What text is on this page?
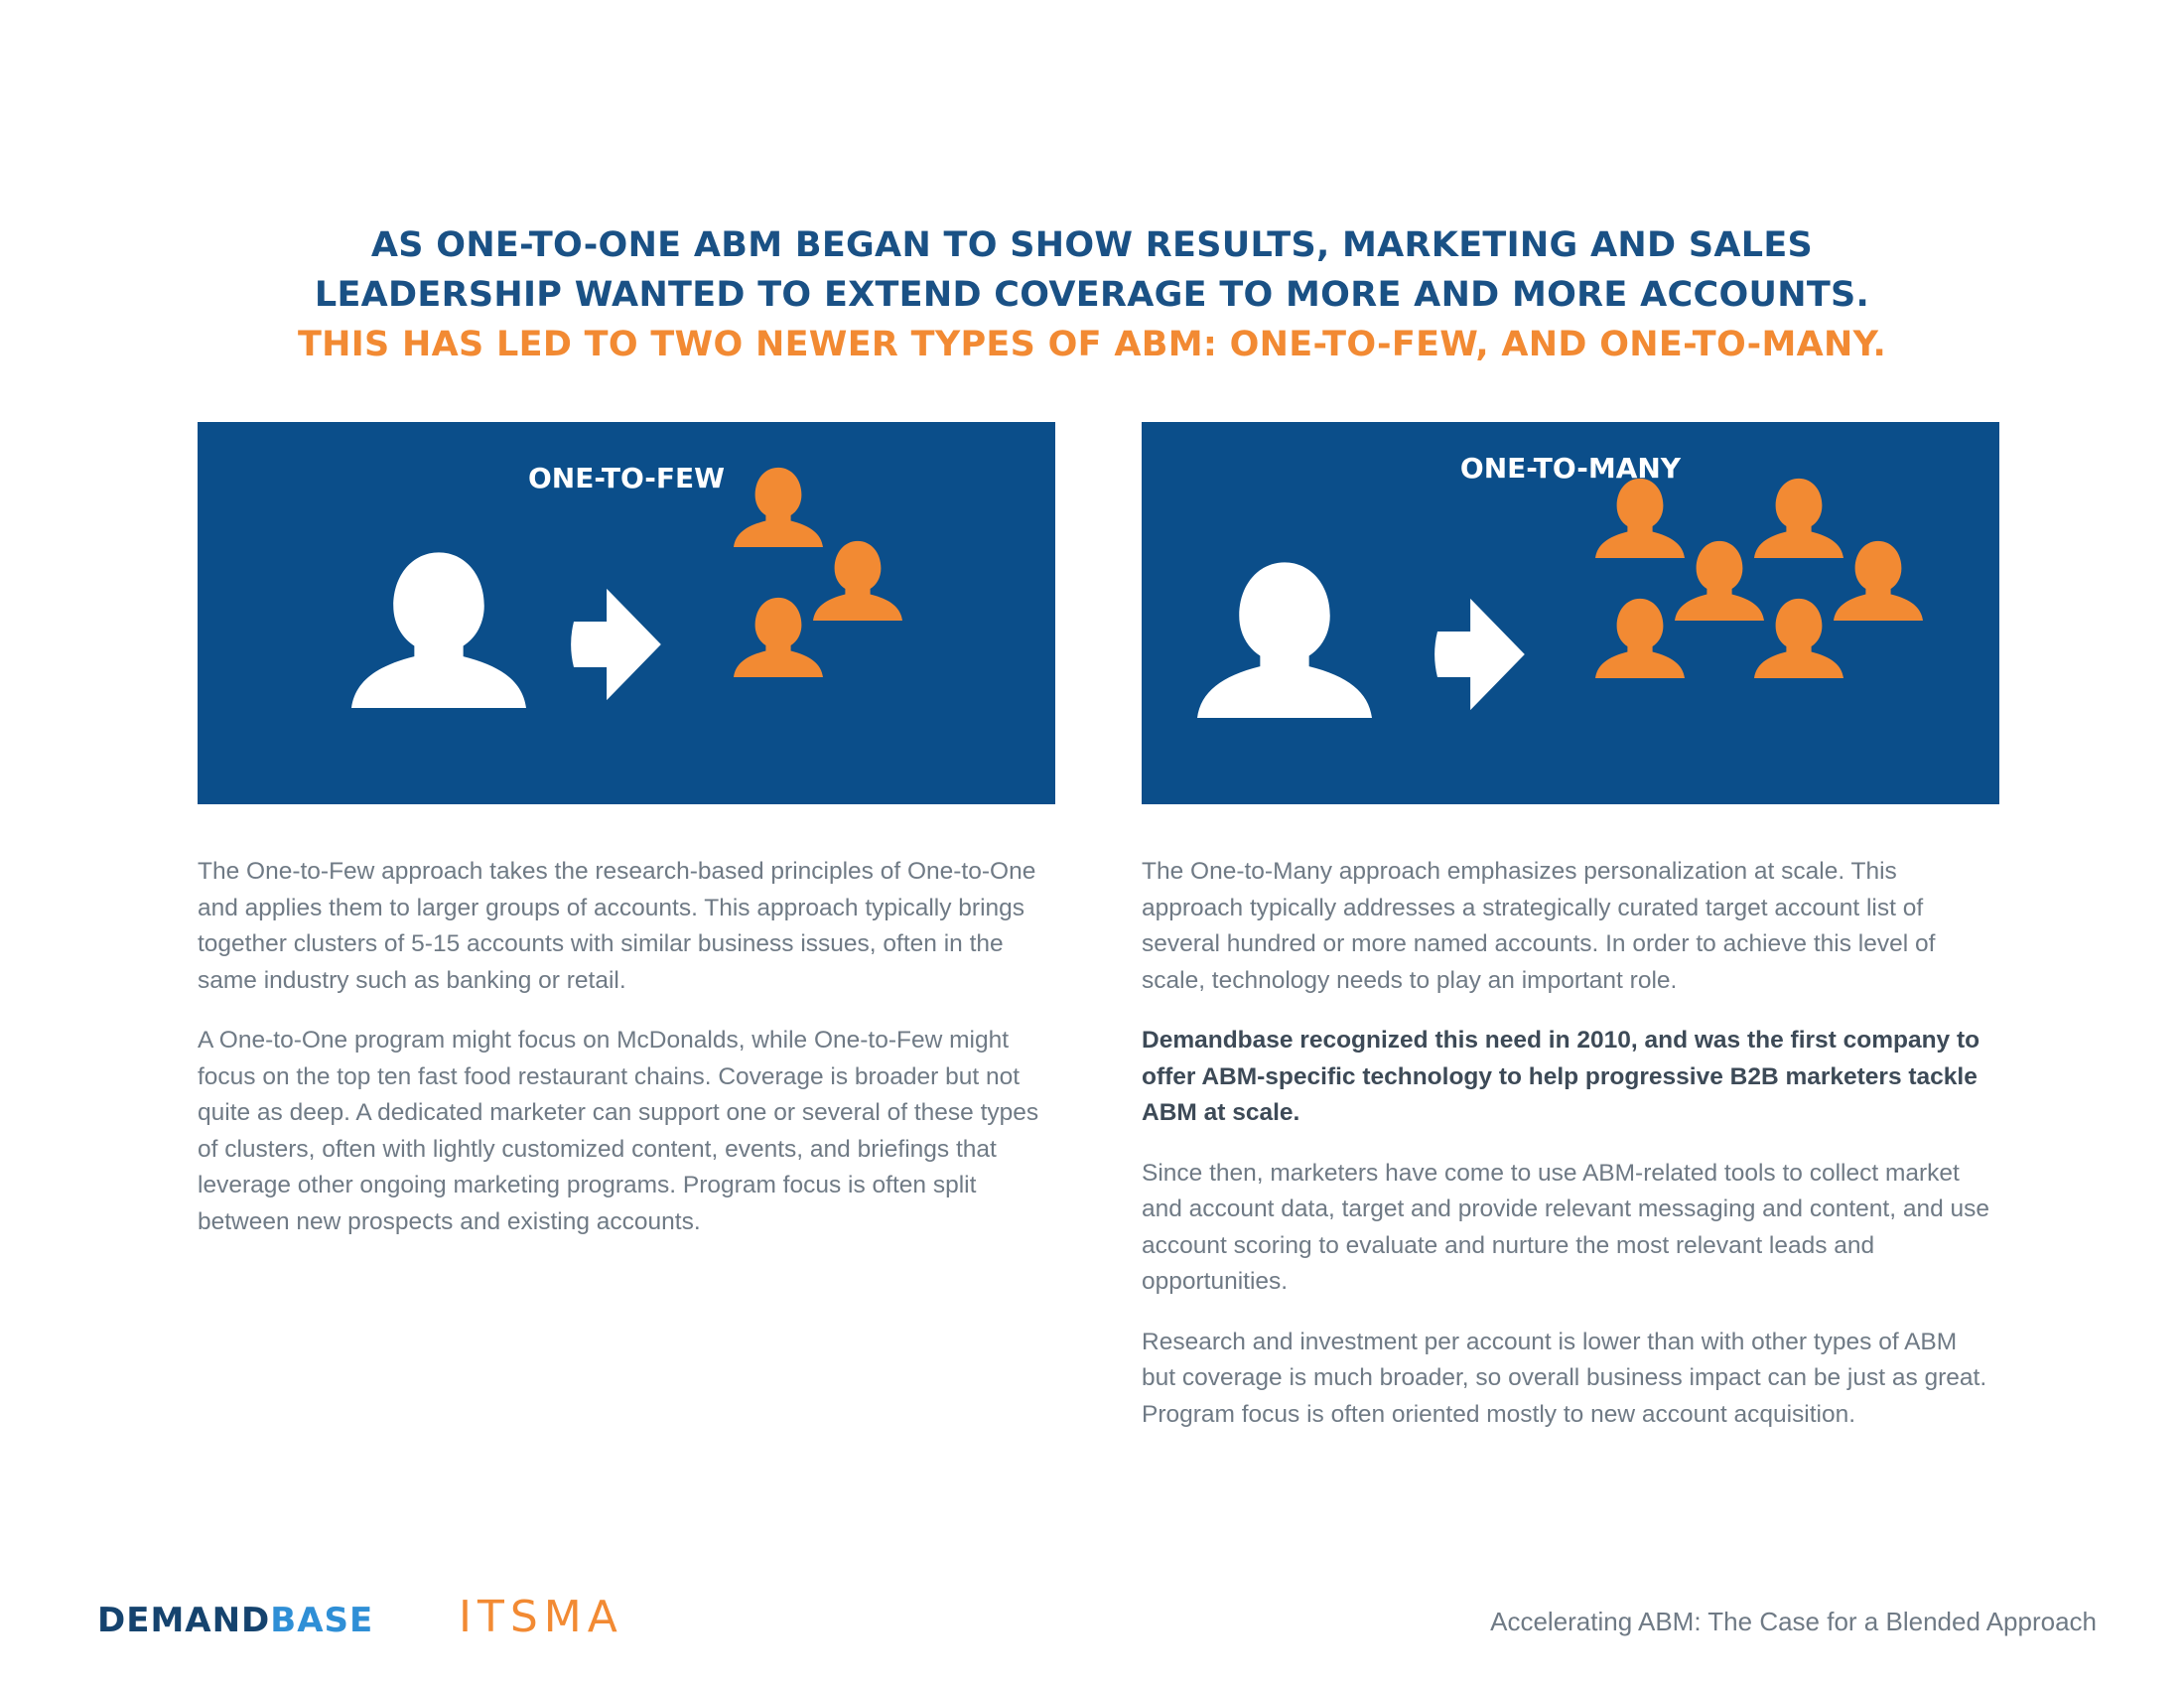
AS ONE-TO-ONE ABM BEGAN TO SHOW RESULTS, MARKETING AND SALES
LEADERSHIP WANTED TO EXTEND COVERAGE TO MORE AND MORE ACCOUNTS.
THIS HAS LED TO TWO NEWER TYPES OF ABM: ONE-TO-FEW, AND ONE-TO-MANY.
ONE-TO-FEW	ONE-TO-MANY

The One-to-Few approach takes the research-based principles of One-to-One and applies them to larger groups of accounts. This approach typically brings together clusters of 5-15 accounts with similar business issues, often in the same industry such as banking or retail.

A One-to-One program might focus on McDonalds, while One-to-Few might focus on the top ten fast food restaurant chains. Coverage is broader but not quite as deep. A dedicated marketer can support one or several of these types of clusters, often with lightly customized content, events, and briefings that leverage other ongoing marketing programs. Program focus is often split between new prospects and existing accounts.

The One-to-Many approach emphasizes personalization at scale. This approach typically addresses a strategically curated target account list of several hundred or more named accounts. In order to achieve this level of scale, technology needs to play an important role.

Demandbase recognized this need in 2010, and was the first company to offer ABM-specific technology to help progressive B2B marketers tackle ABM at scale.

Since then, marketers have come to use ABM-related tools to collect market and account data, target and provide relevant messaging and content, and use account scoring to evaluate and nurture the most relevant leads and opportunities.

Research and investment per account is lower than with other types of ABM but coverage is much broader, so overall business impact can be just as great. Program focus is often oriented mostly to new account acquisition.

DEMANDBASE ITSMA	Accelerating ABM: The Case for a Blended Approach
